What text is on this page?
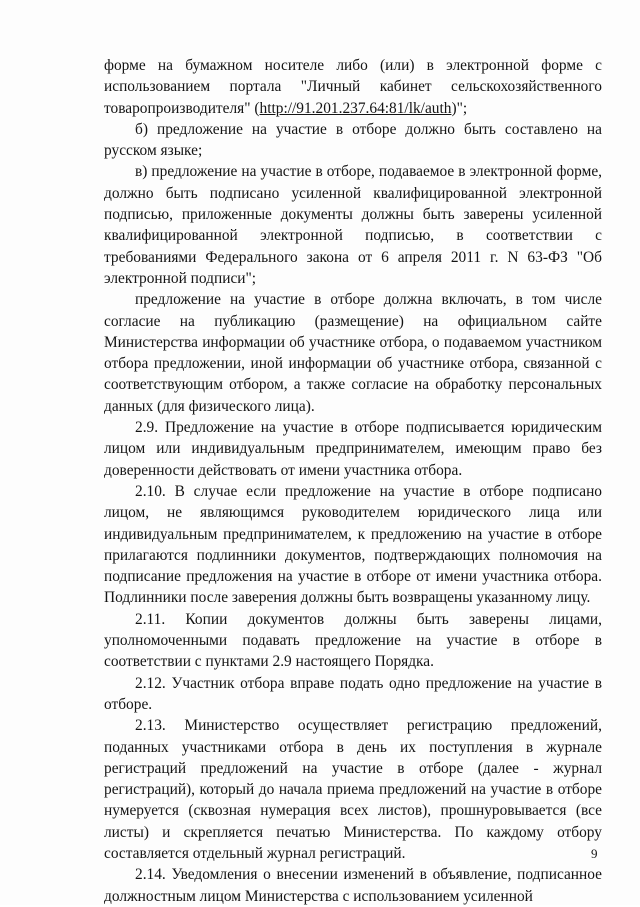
форме на бумажном носителе либо (или) в электронной форме с использованием портала "Личный кабинет сельскохозяйственного товаропроизводителя" (http://91.201.237.64:81/lk/auth)";

б) предложение на участие в отборе должно быть составлено на русском языке;

в) предложение на участие в отборе, подаваемое в электронной форме, должно быть подписано усиленной квалифицированной электронной подписью, приложенные документы должны быть заверены усиленной квалифицированной электронной подписью, в соответствии с требованиями Федерального закона от 6 апреля 2011 г. N 63-ФЗ "Об электронной подписи";

предложение на участие в отборе должна включать, в том числе согласие на публикацию (размещение) на официальном сайте Министерства информации об участнике отбора, о подаваемом участником отбора предложении, иной информации об участнике отбора, связанной с соответствующим отбором, а также согласие на обработку персональных данных (для физического лица).

2.9. Предложение на участие в отборе подписывается юридическим лицом или индивидуальным предпринимателем, имеющим право без доверенности действовать от имени участника отбора.

2.10. В случае если предложение на участие в отборе подписано лицом, не являющимся руководителем юридического лица или индивидуальным предпринимателем, к предложению на участие в отборе прилагаются подлинники документов, подтверждающих полномочия на подписание предложения на участие в отборе от имени участника отбора. Подлинники после заверения должны быть возвращены указанному лицу.

2.11. Копии документов должны быть заверены лицами, уполномоченными подавать предложение на участие в отборе в соответствии с пунктами 2.9 настоящего Порядка.

2.12. Участник отбора вправе подать одно предложение на участие в отборе.

2.13. Министерство осуществляет регистрацию предложений, поданных участниками отбора в день их поступления в журнале регистраций предложений на участие в отборе (далее - журнал регистраций), который до начала приема предложений на участие в отборе нумеруется (сквозная нумерация всех листов), прошнуровывается (все листы) и скрепляется печатью Министерства. По каждому отбору составляется отдельный журнал регистраций.

2.14. Уведомления о внесении изменений в объявление, подписанное должностным лицом Министерства с использованием усиленной

9
